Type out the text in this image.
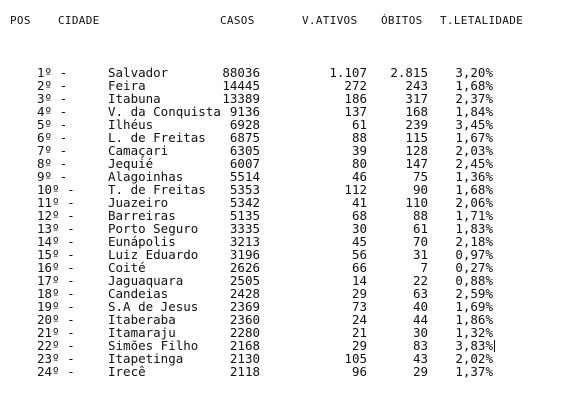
POS CIDADE	CASOS	V.ATIVOS ÓBITOS T.LETALIDADE
1º -	Salvador	88036	1.107	2.815	3,20%
2º -	Feira	14445	272	243	1,68%
3º -	Itabuna	13389	186	317	2,37%
4º -	V. da Conquista 9136	137	168	1,84%
5º -	Ilhéus	6928	61	239	3,45%
6º -	L. de Freitas	6875	88	115	1,67%
7º -	Camaçari	6305	39	128	2,03%
8º -	Jequié	6007	80	147	2,45%
9º -	Alagoinhas	5514	46	75	1,36%
10º -	T. de Freitas	5353	112	90	1,68%
11º -	Juazeiro	5342	41	110	2,06%
12º -	Barreiras	5135	68	88	1,71%
13º -	Porto Seguro	3335	30	61	1,83%
14º -	Eunápolis	3213	45	70	2,18%
15º -	Luiz Eduardo	3196	56	31	0,97%
16º -	Coité	2626	66	7	0,27%
17º -	Jaguaquara	2505	14	22	0,88%
18º -	Candeias	2428	29	63	2,59%
19º -	S.A de Jesus	2369	73	40	1,69%
20º -	Itaberaba	2360	24	44	1,86%
21º -	Itamaraju	2280	21	30	1,32%
22º -	Simões Filho	2168	29	83	3,83%
23º -	Itapetinga	2130	105	43	2,02%
24º -	Irecê	2118	96	29	1,37%
